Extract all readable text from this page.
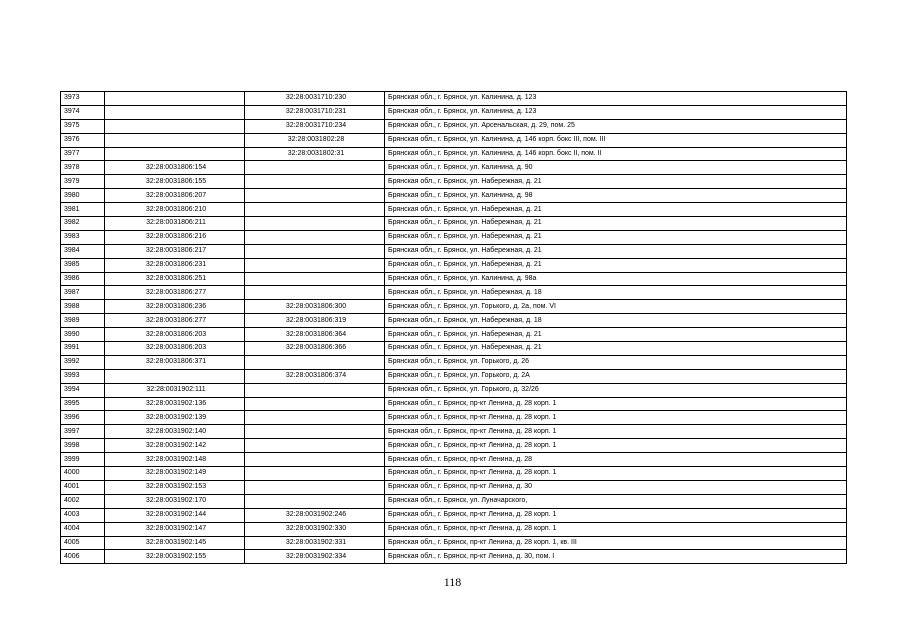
3973		32:28:0031710:230	Брянская обл., г. Брянск, ул. Калинина, д. 123
3974		32:28:0031710:231	Брянская обл., г. Брянск, ул. Калинина, д. 123
3975		32:28:0031710:234	Брянская обл., г. Брянск, ул. Арсенальская, д. 29, пом. 25
3976		32:28:0031802:28	Брянская обл., г. Брянск, ул. Калинина, д. 146 корп. бокс III, пом. III
3977		32:28:0031802:31	Брянская обл., г. Брянск, ул. Калинина, д. 146 корп. бокс II, пом. II
3978	32:28:0031806:154		Брянская обл., г. Брянск, ул. Калинина, д. 90
3979	32:28:0031806:155		Брянская обл., г. Брянск, ул. Набережная, д. 21
3980	32:28:0031806:207		Брянская обл., г. Брянск, ул. Калинина, д. 98
3981	32:28:0031806:210		Брянская обл., г. Брянск, ул. Набережная, д. 21
3982	32:28:0031806:211		Брянская обл., г. Брянск, ул. Набережная, д. 21
3983	32:28:0031806:216		Брянская обл., г. Брянск, ул. Набережная, д. 21
3984	32:28:0031806:217		Брянская обл., г. Брянск, ул. Набережная, д. 21
3985	32:28:0031806:231		Брянская обл., г. Брянск, ул. Набережная, д. 21
3986	32:28:0031806:251		Брянская обл., г. Брянск, ул. Калинина, д. 98а
3987	32:28:0031806:277		Брянская обл., г. Брянск, ул. Набережная, д. 18
3988	32:28:0031806:236	32:28:0031806:300	Брянская обл., г. Брянск, ул. Горького, д. 2а, пом. VI
3989	32:28:0031806:277	32:28:0031806:319	Брянская обл., г. Брянск, ул. Набережная, д. 18
3990	32:28:0031806:203	32:28:0031806:364	Брянская обл., г. Брянск, ул. Набережная, д. 21
3991	32:28:0031806:203	32:28:0031806:366	Брянская обл., г. Брянск, ул. Набережная, д. 21
3992	32:28:0031806:371		Брянская обл., г. Брянск, ул. Горького, д. 26
3993		32:28:0031806:374	Брянская обл., г. Брянск, ул. Горького, д. 2А
3994	32:28:0031902:111		Брянская обл., г. Брянск, ул. Горького, д. 32/26
3995	32:28:0031902:136		Брянская обл., г. Брянск, пр-кт Ленина, д. 28 корп. 1
3996	32:28:0031902:139		Брянская обл., г. Брянск, пр-кт Ленина, д. 28 корп. 1
3997	32:28:0031902:140		Брянская обл., г. Брянск, пр-кт Ленина, д. 28 корп. 1
3998	32:28:0031902:142		Брянская обл., г. Брянск, пр-кт Ленина, д. 28 корп. 1
3999	32:28:0031902:148		Брянская обл., г. Брянск, пр-кт Ленина, д. 28
4000	32:28:0031902:149		Брянская обл., г. Брянск, пр-кт Ленина, д. 28 корп. 1
4001	32:28:0031902:153		Брянская обл., г. Брянск, пр-кт Ленина, д. 30
4002	32:28:0031902:170		Брянская обл., г. Брянск, ул. Луначарского,
4003	32:28:0031902:144	32:28:0031902:246	Брянская обл., г. Брянск, пр-кт Ленина, д. 28 корп. 1
4004	32:28:0031902:147	32:28:0031902:330	Брянская обл., г. Брянск, пр-кт Ленина, д. 28 корп. 1
4005	32:28:0031902:145	32:28:0031902:331	Брянская обл., г. Брянск, пр-кт Ленина, д. 28 корп. 1, кв. III
4006	32:28:0031902:155	32:28:0031902:334	Брянская обл., г. Брянск, пр-кт Ленина, д. 30, пом. I
118
